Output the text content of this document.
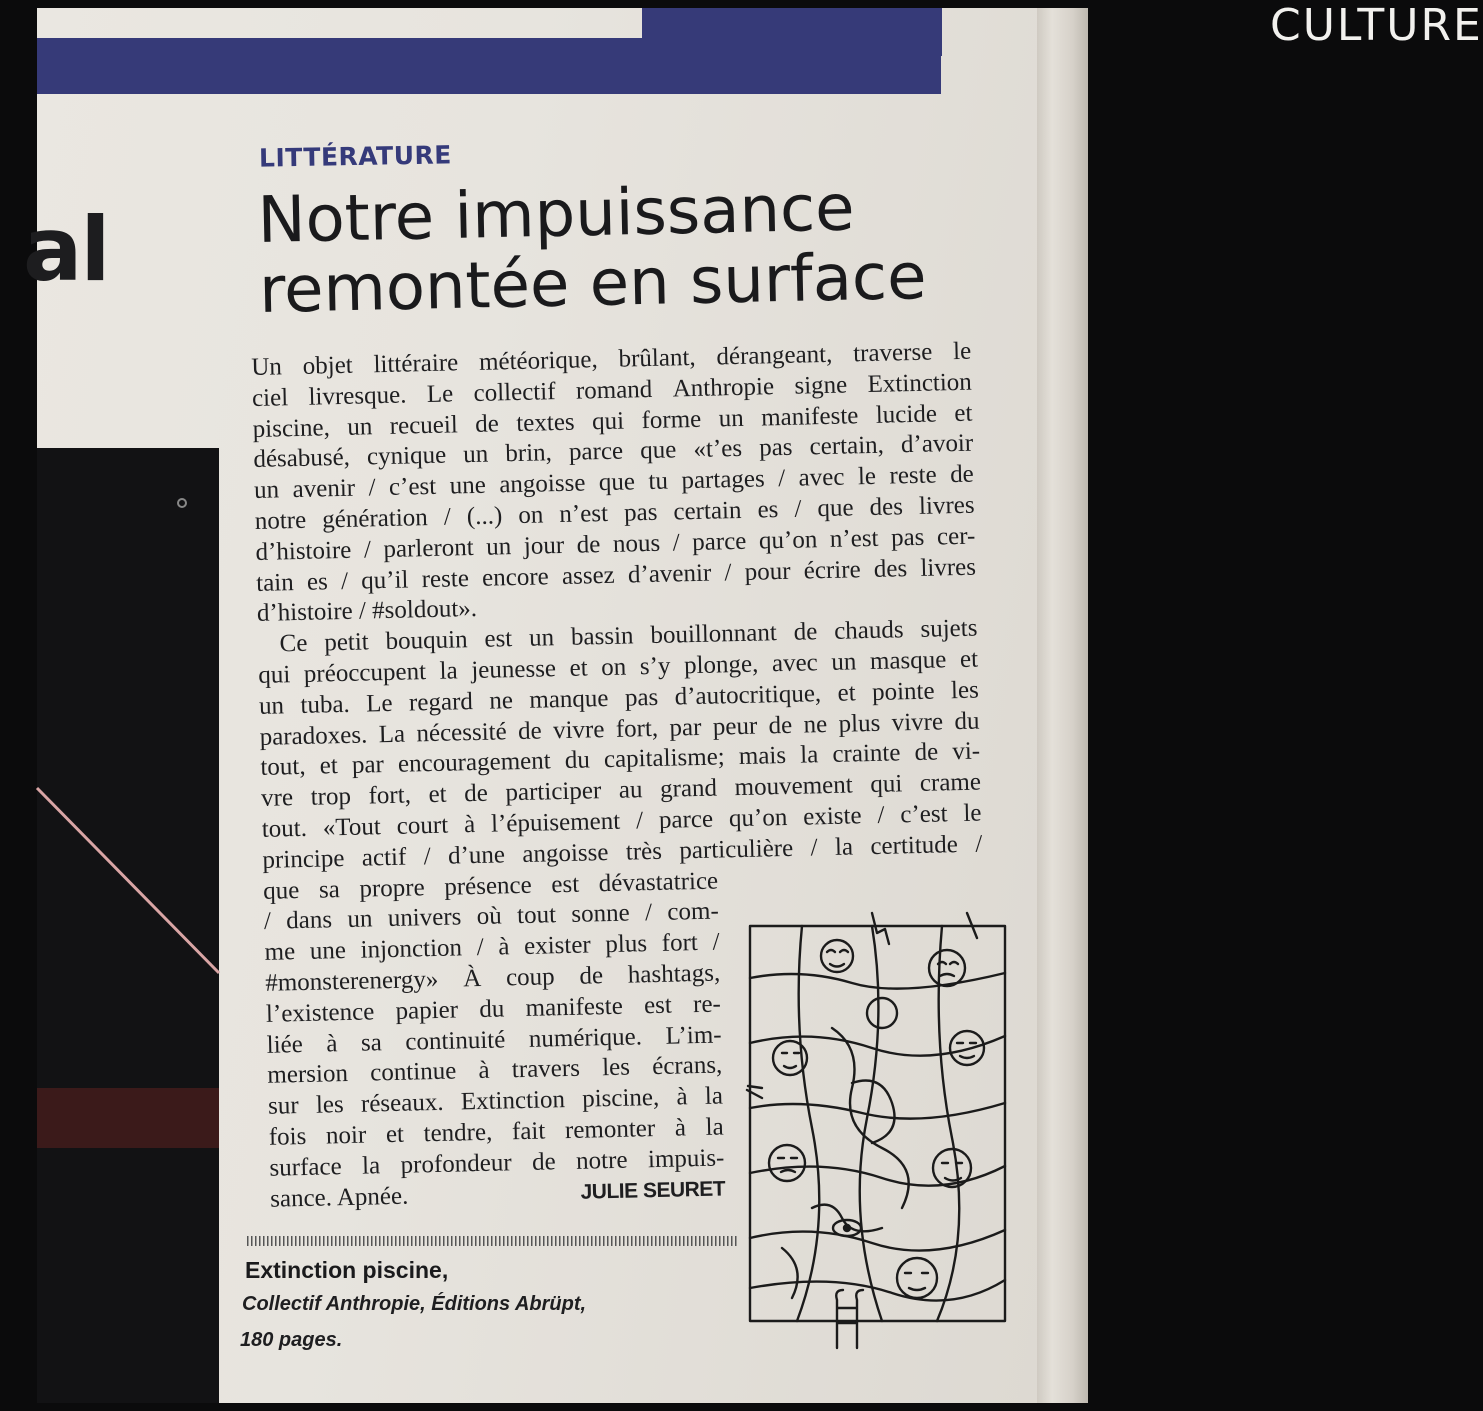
CULTURE
al
LITTÉRATURE
Notre impuissance
remontée en surface
Un objet littéraire météorique, brûlant, dérangeant, traverse le
ciel livresque. Le collectif romand Anthropie signe Extinction
piscine, un recueil de textes qui forme un manifeste lucide et
désabusé, cynique un brin, parce que «t’es pas certain, d’avoir
un avenir / c’est une angoisse que tu partages / avec le reste de
notre génération / (...) on n’est pas certain es / que des livres
d’histoire / parleront un jour de nous / parce qu’on n’est pas cer-
tain es / qu’il reste encore assez d’avenir / pour écrire des livres
d’histoire / #soldout».
Ce petit bouquin est un bassin bouillonnant de chauds sujets
qui préoccupent la jeunesse et on s’y plonge, avec un masque et
un tuba. Le regard ne manque pas d’autocritique, et pointe les
paradoxes. La nécessité de vivre fort, par peur de ne plus vivre du
tout, et par encouragement du capitalisme; mais la crainte de vi-
vre trop fort, et de participer au grand mouvement qui crame
tout. «Tout court à l’épuisement / parce qu’on existe / c’est le
principe actif / d’une angoisse très particulière / la certitude /
que sa propre présence est dévastatrice
/ dans un univers où tout sonne / com-
me une injonction / à exister plus fort /
#monsterenergy» À coup de hashtags,
l’existence papier du manifeste est re-
liée à sa continuité numérique. L’im-
mersion continue à travers les écrans,
sur les réseaux. Extinction piscine, à la
fois noir et tendre, fait remonter à la
surface la profondeur de notre impuis-
sance. Apnée.	JULIE SEURET
Extinction piscine,
Collectif Anthropie, Éditions Abrüpt,
180 pages.
